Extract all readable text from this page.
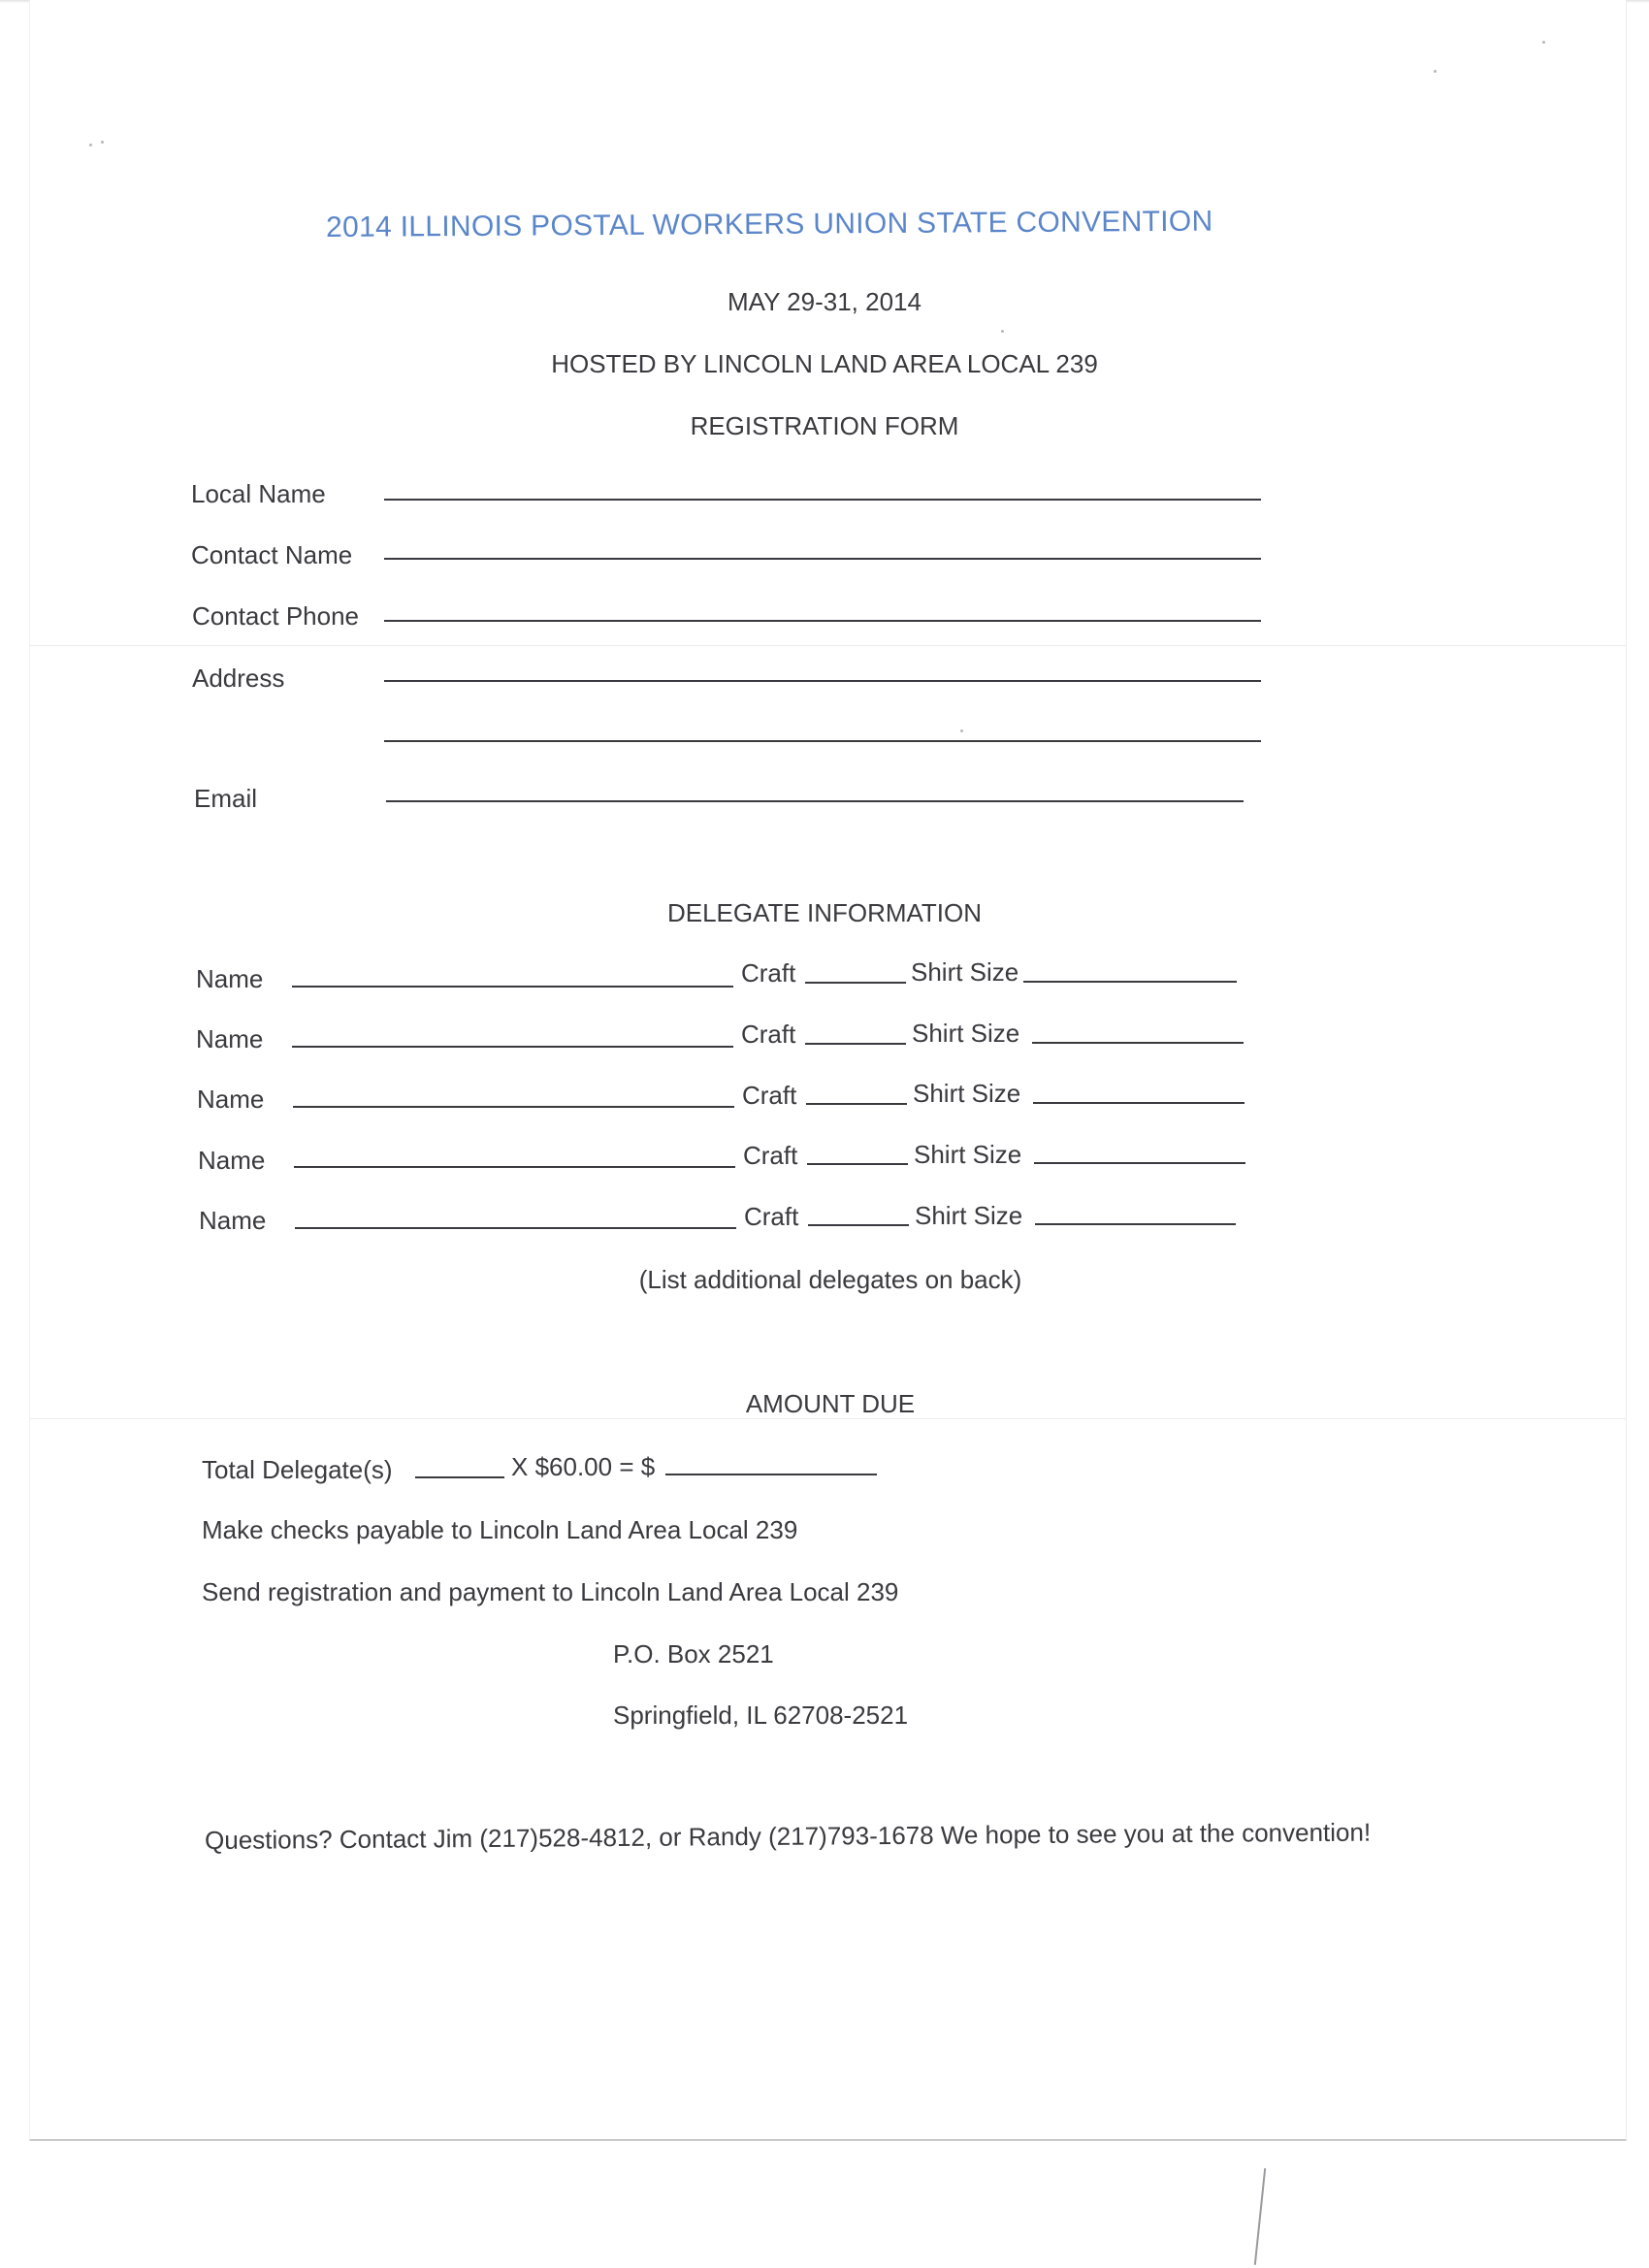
2014 ILLINOIS POSTAL WORKERS UNION STATE CONVENTION
MAY 29-31, 2014
HOSTED BY LINCOLN LAND AREA LOCAL 239
REGISTRATION FORM
Local Name
Contact Name
Contact Phone
Address
Email
DELEGATE INFORMATION
Name	Craft	Shirt Size
Name	Craft	Shirt Size
Name	Craft	Shirt Size
Name	Craft	Shirt Size
Name	Craft	Shirt Size
(List additional delegates on back)
AMOUNT DUE
Total Delegate(s)	X $60.00 = $
Make checks payable to Lincoln Land Area Local 239
Send registration and payment to Lincoln Land Area Local 239
P.O. Box 2521
Springfield, IL 62708-2521
Questions? Contact Jim (217)528-4812, or Randy (217)793-1678 We hope to see you at the convention!
